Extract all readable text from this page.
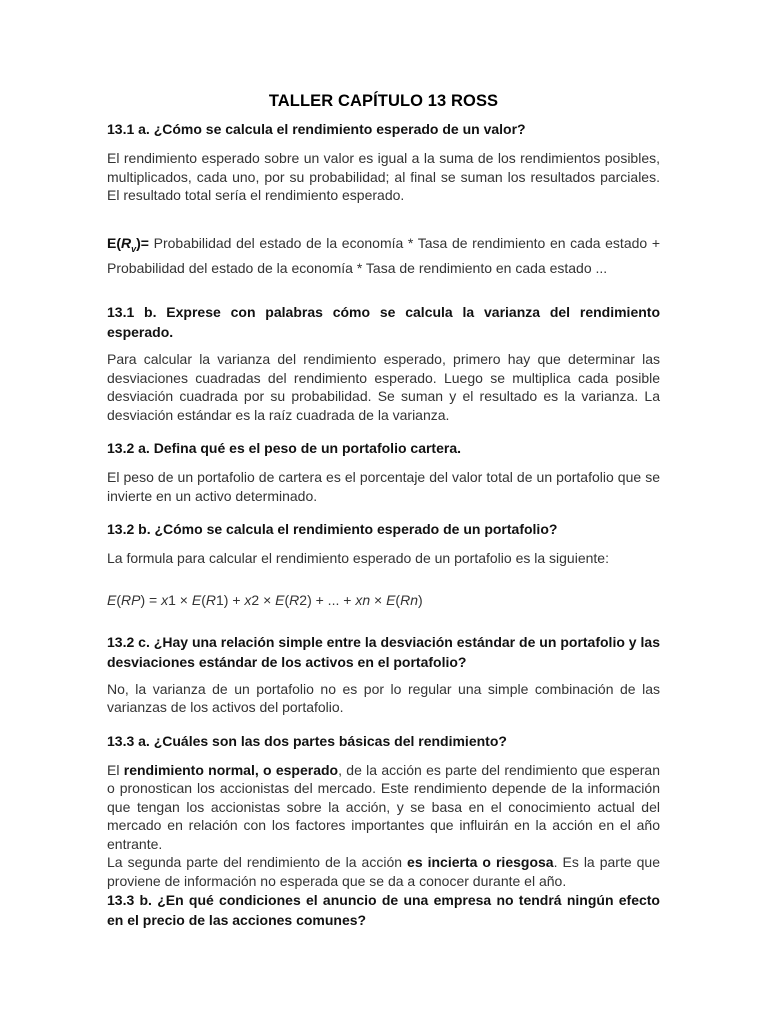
TALLER CAPÍTULO 13 ROSS

13.1 a. ¿Cómo se calcula el rendimiento esperado de un valor?

El rendimiento esperado sobre un valor es igual a la suma de los rendimientos posibles, multiplicados, cada uno, por su probabilidad; al final se suman los resultados parciales. El resultado total sería el rendimiento esperado.

$E(R_v)=$ Probabilidad del estado de la economía * Tasa de rendimiento en cada estado + Probabilidad del estado de la economía * Tasa de rendimiento en cada estado ...

13.1 b. Exprese con palabras cómo se calcula la varianza del rendimiento esperado.

Para calcular la varianza del rendimiento esperado, primero hay que determinar las desviaciones cuadradas del rendimiento esperado. Luego se multiplica cada posible desviación cuadrada por su probabilidad. Se suman y el resultado es la varianza. La desviación estándar es la raíz cuadrada de la varianza.

13.2 a. Defina qué es el peso de un portafolio cartera.

El peso de un portafolio de cartera es el porcentaje del valor total de un portafolio que se invierte en un activo determinado.

13.2 b. ¿Cómo se calcula el rendimiento esperado de un portafolio?

La formula para calcular el rendimiento esperado de un portafolio es la siguiente:

E(RP) = x1 × E(R1) + x2 × E(R2) + ... + xn × E(Rn)

13.2 c. ¿Hay una relación simple entre la desviación estándar de un portafolio y las desviaciones estándar de los activos en el portafolio?

No, la varianza de un portafolio no es por lo regular una simple combinación de las varianzas de los activos del portafolio.

13.3 a. ¿Cuáles son las dos partes básicas del rendimiento?

El rendimiento normal, o esperado, de la acción es parte del rendimiento que esperan o pronostican los accionistas del mercado. Este rendimiento depende de la información que tengan los accionistas sobre la acción, y se basa en el conocimiento actual del mercado en relación con los factores importantes que influirán en la acción en el año entrante.

La segunda parte del rendimiento de la acción es incierta o riesgosa. Es la parte que proviene de información no esperada que se da a conocer durante el año.

13.3 b. ¿En qué condiciones el anuncio de una empresa no tendrá ningún efecto en el precio de las acciones comunes?
